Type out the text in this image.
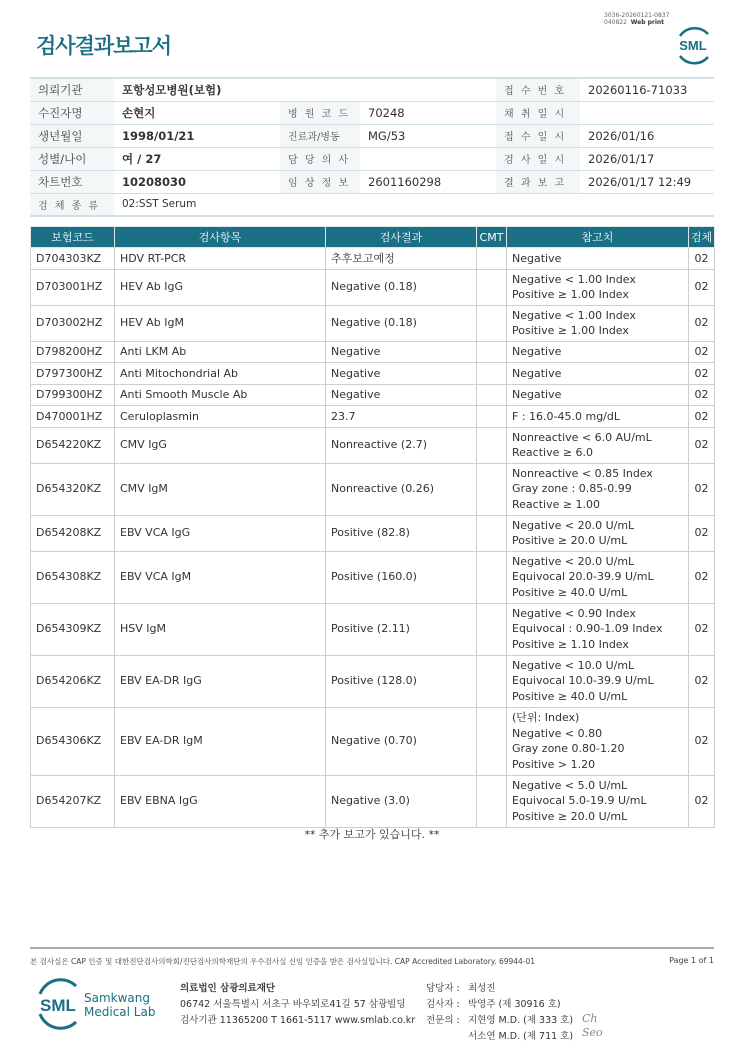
검사결과보고서
3036-20260121-0837
040822 Web print
SML
의뢰기관	포항성모병원(보험)			접 수 번 호	20260116-71033
수진자명	손현지	병 원 코 드	70248	채 취 일 시	
생년월일	1998/01/21	진료과/병동	MG/53	접 수 일 시	2026/01/16
성별/나이	여 / 27	담 당 의 사		검 사 일 시	2026/01/17
차트번호	10208030	임 상 정 보	2601160298	결 과 보 고	2026/01/17 12:49
검 체 종 류	02:SST Serum				
보험코드	검사항목	검사결과	CMT	참고치	검체
D704303KZ	HDV RT-PCR	추후보고예정		Negative	02
D703001HZ	HEV Ab IgG	Negative (0.18)		Negative < 1.00 Index
Positive ≥ 1.00 Index	02
D703002HZ	HEV Ab IgM	Negative (0.18)		Negative < 1.00 Index
Positive ≥ 1.00 Index	02
D798200HZ	Anti LKM Ab	Negative		Negative	02
D797300HZ	Anti Mitochondrial Ab	Negative		Negative	02
D799300HZ	Anti Smooth Muscle Ab	Negative		Negative	02
D470001HZ	Ceruloplasmin	23.7		F : 16.0-45.0 mg/dL	02
D654220KZ	CMV IgG	Nonreactive (2.7)		Nonreactive < 6.0 AU/mL
Reactive ≥ 6.0	02
D654320KZ	CMV IgM	Nonreactive (0.26)		Nonreactive < 0.85 Index
Gray zone : 0.85-0.99
Reactive ≥ 1.00	02
D654208KZ	EBV VCA IgG	Positive (82.8)		Negative < 20.0 U/mL
Positive ≥ 20.0 U/mL	02
D654308KZ	EBV VCA IgM	Positive (160.0)		Negative < 20.0 U/mL
Equivocal 20.0-39.9 U/mL
Positive ≥ 40.0 U/mL	02
D654309KZ	HSV IgM	Positive (2.11)		Negative < 0.90 Index
Equivocal : 0.90-1.09 Index
Positive ≥ 1.10 Index	02
D654206KZ	EBV EA-DR IgG	Positive (128.0)		Negative < 10.0 U/mL
Equivocal 10.0-39.9 U/mL
Positive ≥ 40.0 U/mL	02
D654306KZ	EBV EA-DR IgM	Negative (0.70)		(단위: Index)
Negative < 0.80
Gray zone 0.80-1.20
Positive > 1.20	02
D654207KZ	EBV EBNA IgG	Negative (3.0)		Negative < 5.0 U/mL
Equivocal 5.0-19.9 U/mL
Positive ≥ 20.0 U/mL	02
** 추가 보고가 있습니다. **
본 검사실은 CAP 인증 및 대한진단검사의학회/진단검사의학재단의 우수검사실 신임 인증을 받은 검사실입니다. CAP Accredited Laboratory. 69944-01	Page 1 of 1
SML Samkwang
Medical Lab
의료법인 삼광의료재단
06742 서울특별시 서초구 바우뫼로41길 57 삼광빌딩
검사기관 11365200 T 1661-5117 www.smlab.co.kr
담당자 : 최성진
검사자 : 박영주 (제 30916 호)
전문의 : 지현영 M.D. (제 333 호)
서소연 M.D. (제 711 호)
Ch
Seo
